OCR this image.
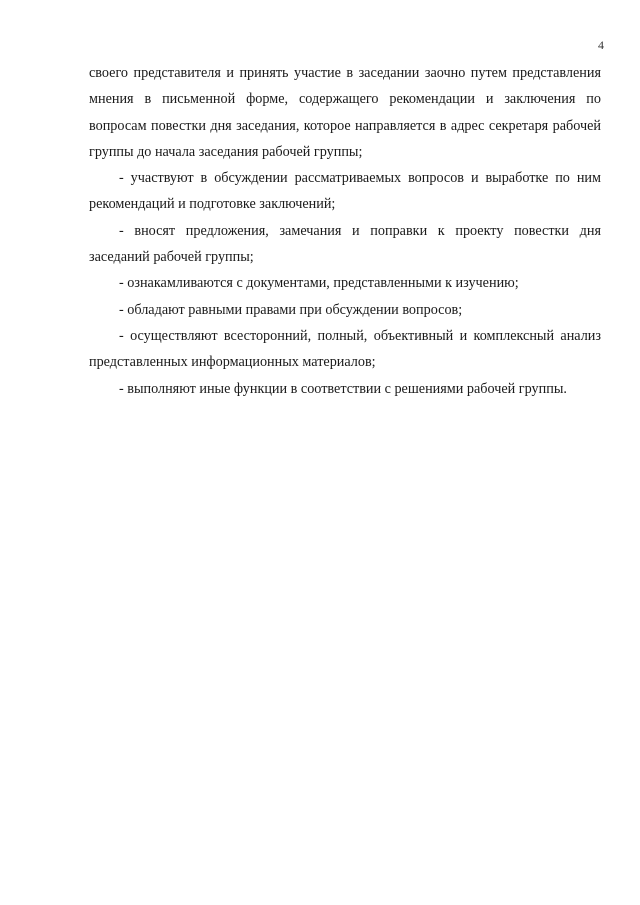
4

своего представителя и принять участие в заседании заочно путем представления мнения в письменной форме, содержащего рекомендации и заключения по вопросам повестки дня заседания, которое направляется в адрес секретаря рабочей группы до начала заседания рабочей группы;

- участвуют в обсуждении рассматриваемых вопросов и выработке по ним рекомендаций и подготовке заключений;

- вносят предложения, замечания и поправки к проекту повестки дня заседаний рабочей группы;

- ознакамливаются с документами, представленными к изучению;

- обладают равными правами при обсуждении вопросов;

- осуществляют всесторонний, полный, объективный и комплексный анализ представленных информационных материалов;

- выполняют иные функции в соответствии с решениями рабочей группы.
